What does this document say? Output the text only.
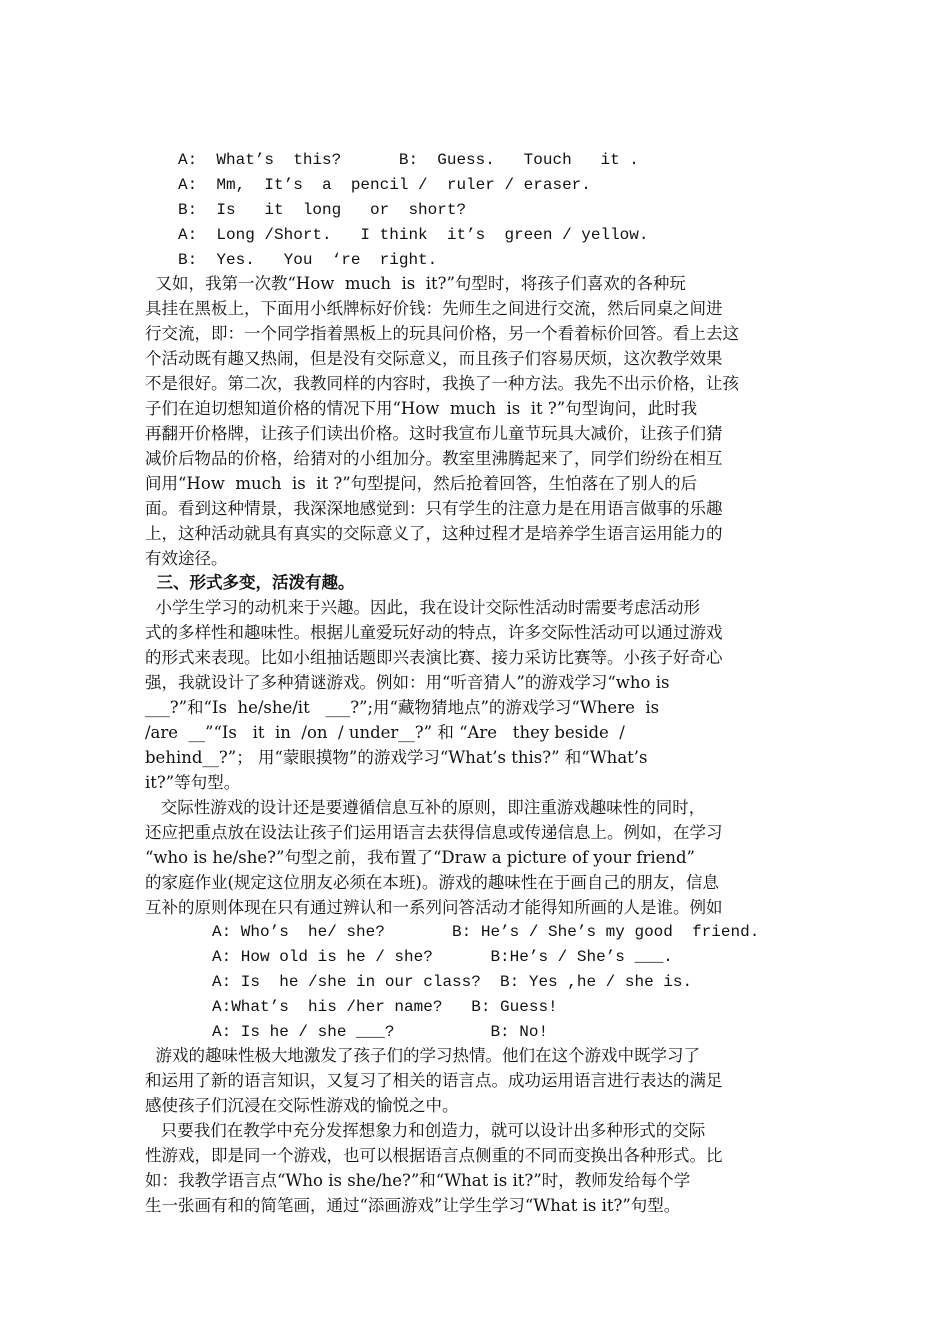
A:  What’s  this?      B:  Guess.   Touch   it .
A:  Mm,  It’s  a  pencil /  ruler / eraser.
B:  Is   it  long   or  short?
A:  Long /Short.   I think  it’s  green / yellow.
B:  Yes.   You  ‘re  right.
又如，我第一次教“How  much  is  it?”句型时，将孩子们喜欢的各种玩
具挂在黑板上，下面用小纸牌标好价钱：先师生之间进行交流，然后同桌之间进
行交流，即：一个同学指着黑板上的玩具问价格，另一个看着标价回答。看上去这
个活动既有趣又热闹，但是没有交际意义，而且孩子们容易厌烦，这次教学效果
不是很好。第二次，我教同样的内容时，我换了一种方法。我先不出示价格，让孩
子们在迫切想知道价格的情况下用“How  much  is  it ?”句型询问，此时我
再翻开价格牌，让孩子们读出价格。这时我宣布儿童节玩具大减价，让孩子们猜
减价后物品的价格，给猜对的小组加分。教室里沸腾起来了，同学们纷纷在相互
间用“How  much  is  it ?”句型提问，然后抢着回答，生怕落在了别人的后
面。看到这种情景，我深深地感觉到：只有学生的注意力是在用语言做事的乐趣
上，这种活动就具有真实的交际意义了，这种过程才是培养学生语言运用能力的
有效途径。
三、形式多变，活泼有趣。
小学生学习的动机来于兴趣。因此，我在设计交际性活动时需要考虑活动形
式的多样性和趣味性。根据儿童爱玩好动的特点，许多交际性活动可以通过游戏
的形式来表现。比如小组抽话题即兴表演比赛、接力采访比赛等。小孩子好奇心
强，我就设计了多种猜谜游戏。例如：用“听音猜人”的游戏学习“who is
___?”和“Is  he/she/it   ___?”;用“藏物猜地点”的游戏学习“Where  is
/are  __”“Is   it  in  /on  / under__?” 和 “Are   they beside  /
behind__?”； 用“蒙眼摸物”的游戏学习“What’s this?” 和“What’s
it?”等句型。
交际性游戏的设计还是要遵循信息互补的原则，即注重游戏趣味性的同时，
还应把重点放在设法让孩子们运用语言去获得信息或传递信息上。例如，在学习
“who is he/she?”句型之前，我布置了“Draw a picture of your friend”
的家庭作业(规定这位朋友必须在本班)。游戏的趣味性在于画自己的朋友，信息
互补的原则体现在只有通过辨认和一系列问答活动才能得知所画的人是谁。例如
A: Who’s  he/ she?       B: He’s / She’s my good  friend.
A: How old is he / she?      B:He’s / She’s ___.
A: Is  he /she in our class?  B: Yes ,he / she is.
A:What’s  his /her name?   B: Guess!
A: Is he / she ___?          B: No!
游戏的趣味性极大地激发了孩子们的学习热情。他们在这个游戏中既学习了
和运用了新的语言知识，又复习了相关的语言点。成功运用语言进行表达的满足
感使孩子们沉浸在交际性游戏的愉悦之中。
只要我们在教学中充分发挥想象力和创造力，就可以设计出多种形式的交际
性游戏，即是同一个游戏，也可以根据语言点侧重的不同而变换出各种形式。比
如：我教学语言点“Who is she/he?”和“What is it?”时，教师发给每个学
生一张画有和的简笔画，通过“添画游戏”让学生学习“What is it?”句型。
